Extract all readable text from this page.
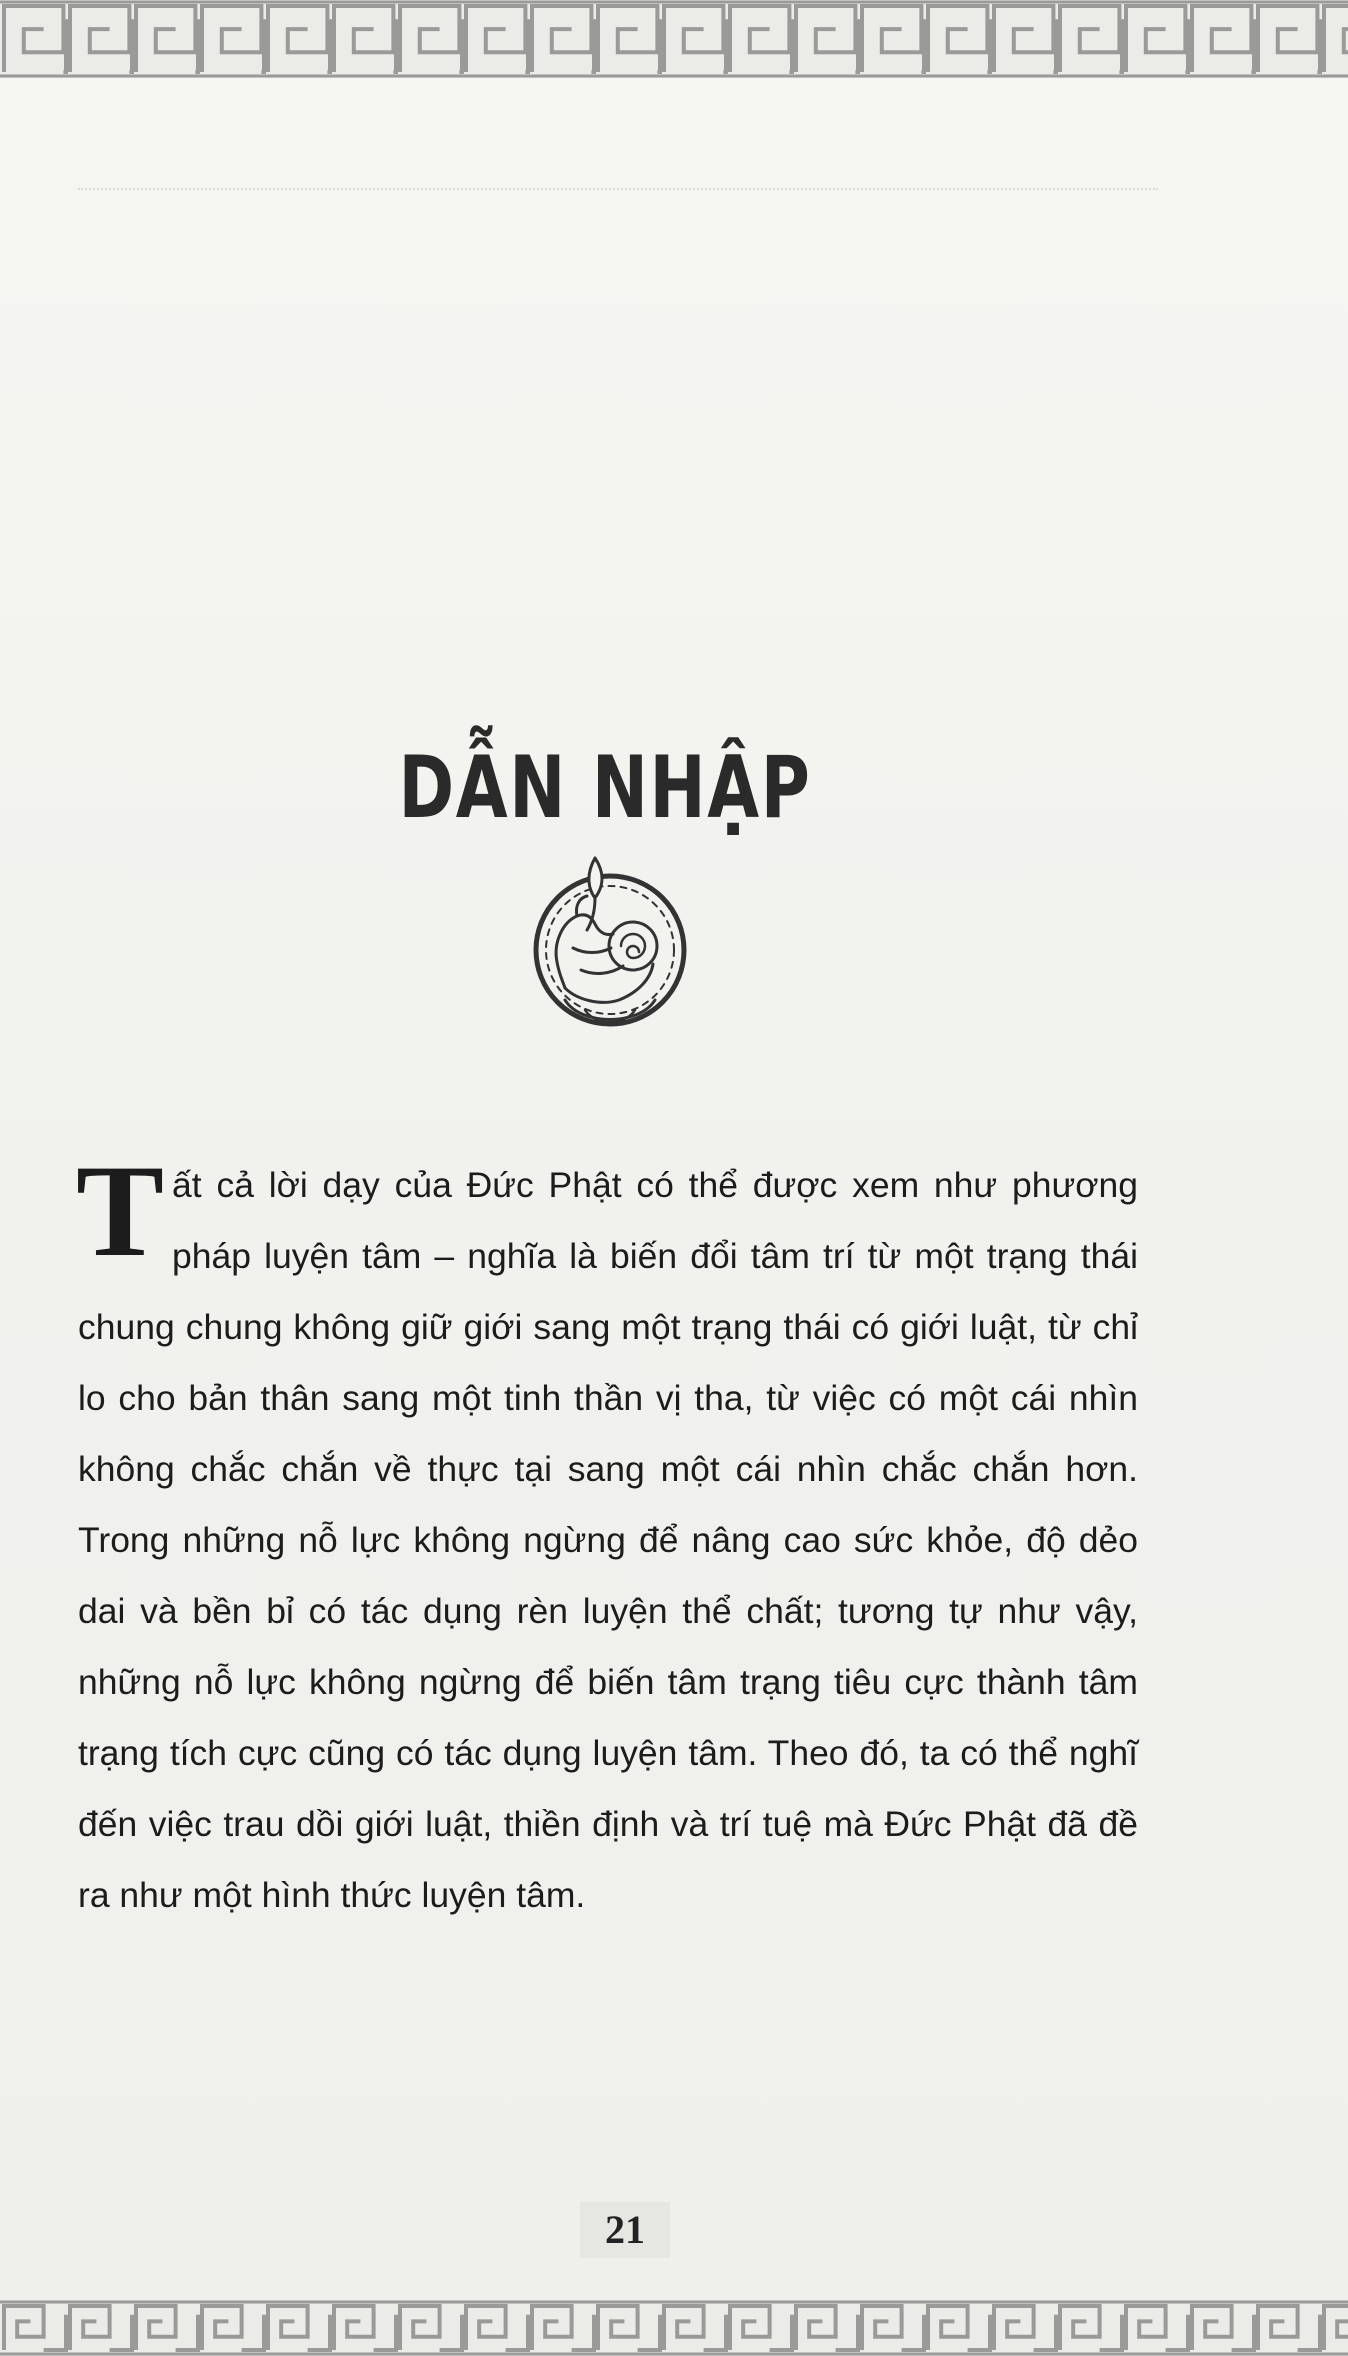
DẪN NHẬP
Tất cả lời dạy của Đức Phật có thể được xem như phương pháp luyện tâm – nghĩa là biến đổi tâm trí từ một trạng thái chung chung không giữ giới sang một trạng thái có giới luật, từ chỉ lo cho bản thân sang một tinh thần vị tha, từ việc có một cái nhìn không chắc chắn về thực tại sang một cái nhìn chắc chắn hơn. Trong những nỗ lực không ngừng để nâng cao sức khỏe, độ dẻo dai và bền bỉ có tác dụng rèn luyện thể chất; tương tự như vậy, những nỗ lực không ngừng để biến tâm trạng tiêu cực thành tâm trạng tích cực cũng có tác dụng luyện tâm. Theo đó, ta có thể nghĩ đến việc trau dồi giới luật, thiền định và trí tuệ mà Đức Phật đã đề ra như một hình thức luyện tâm.
21
